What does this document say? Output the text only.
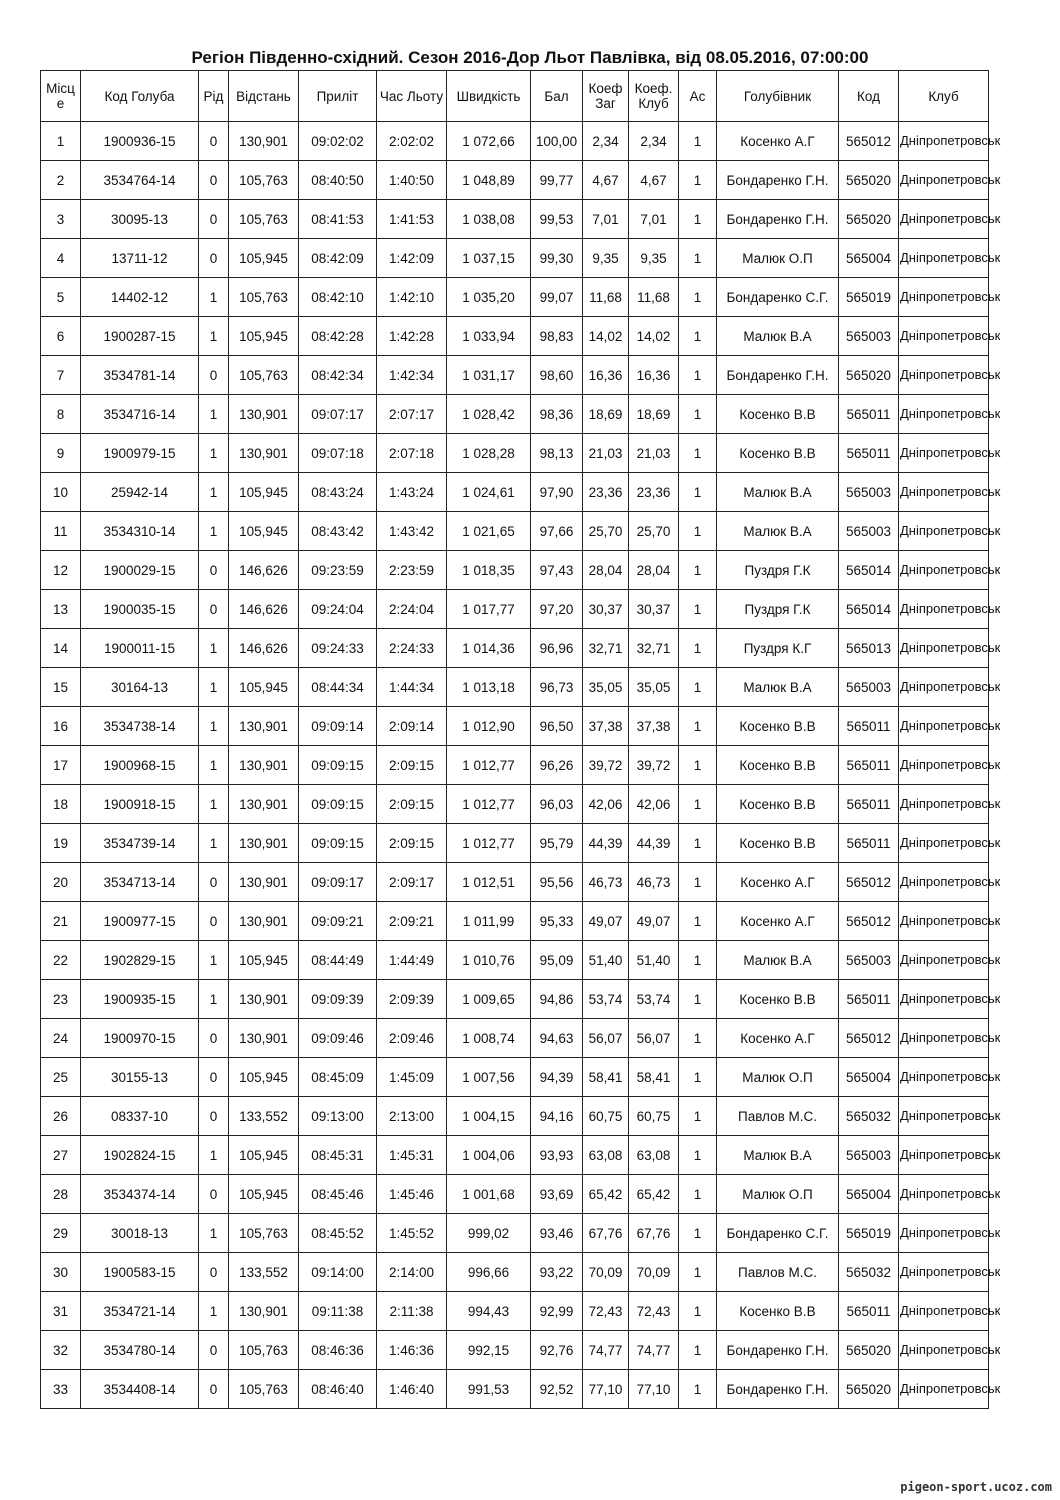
Регіон Південно-східний. Сезон 2016-Дор Льот Павлівка, від 08.05.2016, 07:00:00
Місц е	Код Голуба	Рід	Відстань	Приліт	Час Льоту	Швидкість	Бал	Коеф Заг	Коеф. Клуб	Ас	Голубівник	Код	Клуб
1	1900936-15	0	130,901	09:02:02	2:02:02	1 072,66	100,00	2,34	2,34	1	Косенко А.Г	565012	Дніпропетровськ
2	3534764-14	0	105,763	08:40:50	1:40:50	1 048,89	99,77	4,67	4,67	1	Бондаренко Г.Н.	565020	Дніпропетровськ
3	30095-13	0	105,763	08:41:53	1:41:53	1 038,08	99,53	7,01	7,01	1	Бондаренко Г.Н.	565020	Дніпропетровськ
4	13711-12	0	105,945	08:42:09	1:42:09	1 037,15	99,30	9,35	9,35	1	Малюк О.П	565004	Дніпропетровськ
5	14402-12	1	105,763	08:42:10	1:42:10	1 035,20	99,07	11,68	11,68	1	Бондаренко С.Г.	565019	Дніпропетровськ
6	1900287-15	1	105,945	08:42:28	1:42:28	1 033,94	98,83	14,02	14,02	1	Малюк В.А	565003	Дніпропетровськ
7	3534781-14	0	105,763	08:42:34	1:42:34	1 031,17	98,60	16,36	16,36	1	Бондаренко Г.Н.	565020	Дніпропетровськ
8	3534716-14	1	130,901	09:07:17	2:07:17	1 028,42	98,36	18,69	18,69	1	Косенко В.В	565011	Дніпропетровськ
9	1900979-15	1	130,901	09:07:18	2:07:18	1 028,28	98,13	21,03	21,03	1	Косенко В.В	565011	Дніпропетровськ
10	25942-14	1	105,945	08:43:24	1:43:24	1 024,61	97,90	23,36	23,36	1	Малюк В.А	565003	Дніпропетровськ
11	3534310-14	1	105,945	08:43:42	1:43:42	1 021,65	97,66	25,70	25,70	1	Малюк В.А	565003	Дніпропетровськ
12	1900029-15	0	146,626	09:23:59	2:23:59	1 018,35	97,43	28,04	28,04	1	Пуздря Г.К	565014	Дніпропетровськ
13	1900035-15	0	146,626	09:24:04	2:24:04	1 017,77	97,20	30,37	30,37	1	Пуздря Г.К	565014	Дніпропетровськ
14	1900011-15	1	146,626	09:24:33	2:24:33	1 014,36	96,96	32,71	32,71	1	Пуздря К.Г	565013	Дніпропетровськ
15	30164-13	1	105,945	08:44:34	1:44:34	1 013,18	96,73	35,05	35,05	1	Малюк В.А	565003	Дніпропетровськ
16	3534738-14	1	130,901	09:09:14	2:09:14	1 012,90	96,50	37,38	37,38	1	Косенко В.В	565011	Дніпропетровськ
17	1900968-15	1	130,901	09:09:15	2:09:15	1 012,77	96,26	39,72	39,72	1	Косенко В.В	565011	Дніпропетровськ
18	1900918-15	1	130,901	09:09:15	2:09:15	1 012,77	96,03	42,06	42,06	1	Косенко В.В	565011	Дніпропетровськ
19	3534739-14	1	130,901	09:09:15	2:09:15	1 012,77	95,79	44,39	44,39	1	Косенко В.В	565011	Дніпропетровськ
20	3534713-14	0	130,901	09:09:17	2:09:17	1 012,51	95,56	46,73	46,73	1	Косенко А.Г	565012	Дніпропетровськ
21	1900977-15	0	130,901	09:09:21	2:09:21	1 011,99	95,33	49,07	49,07	1	Косенко А.Г	565012	Дніпропетровськ
22	1902829-15	1	105,945	08:44:49	1:44:49	1 010,76	95,09	51,40	51,40	1	Малюк В.А	565003	Дніпропетровськ
23	1900935-15	1	130,901	09:09:39	2:09:39	1 009,65	94,86	53,74	53,74	1	Косенко В.В	565011	Дніпропетровськ
24	1900970-15	0	130,901	09:09:46	2:09:46	1 008,74	94,63	56,07	56,07	1	Косенко А.Г	565012	Дніпропетровськ
25	30155-13	0	105,945	08:45:09	1:45:09	1 007,56	94,39	58,41	58,41	1	Малюк О.П	565004	Дніпропетровськ
26	08337-10	0	133,552	09:13:00	2:13:00	1 004,15	94,16	60,75	60,75	1	Павлов М.С.	565032	Дніпропетровськ
27	1902824-15	1	105,945	08:45:31	1:45:31	1 004,06	93,93	63,08	63,08	1	Малюк В.А	565003	Дніпропетровськ
28	3534374-14	0	105,945	08:45:46	1:45:46	1 001,68	93,69	65,42	65,42	1	Малюк О.П	565004	Дніпропетровськ
29	30018-13	1	105,763	08:45:52	1:45:52	999,02	93,46	67,76	67,76	1	Бондаренко С.Г.	565019	Дніпропетровськ
30	1900583-15	0	133,552	09:14:00	2:14:00	996,66	93,22	70,09	70,09	1	Павлов М.С.	565032	Дніпропетровськ
31	3534721-14	1	130,901	09:11:38	2:11:38	994,43	92,99	72,43	72,43	1	Косенко В.В	565011	Дніпропетровськ
32	3534780-14	0	105,763	08:46:36	1:46:36	992,15	92,76	74,77	74,77	1	Бондаренко Г.Н.	565020	Дніпропетровськ
33	3534408-14	0	105,763	08:46:40	1:46:40	991,53	92,52	77,10	77,10	1	Бондаренко Г.Н.	565020	Дніпропетровськ
pigeon-sport.ucoz.com
